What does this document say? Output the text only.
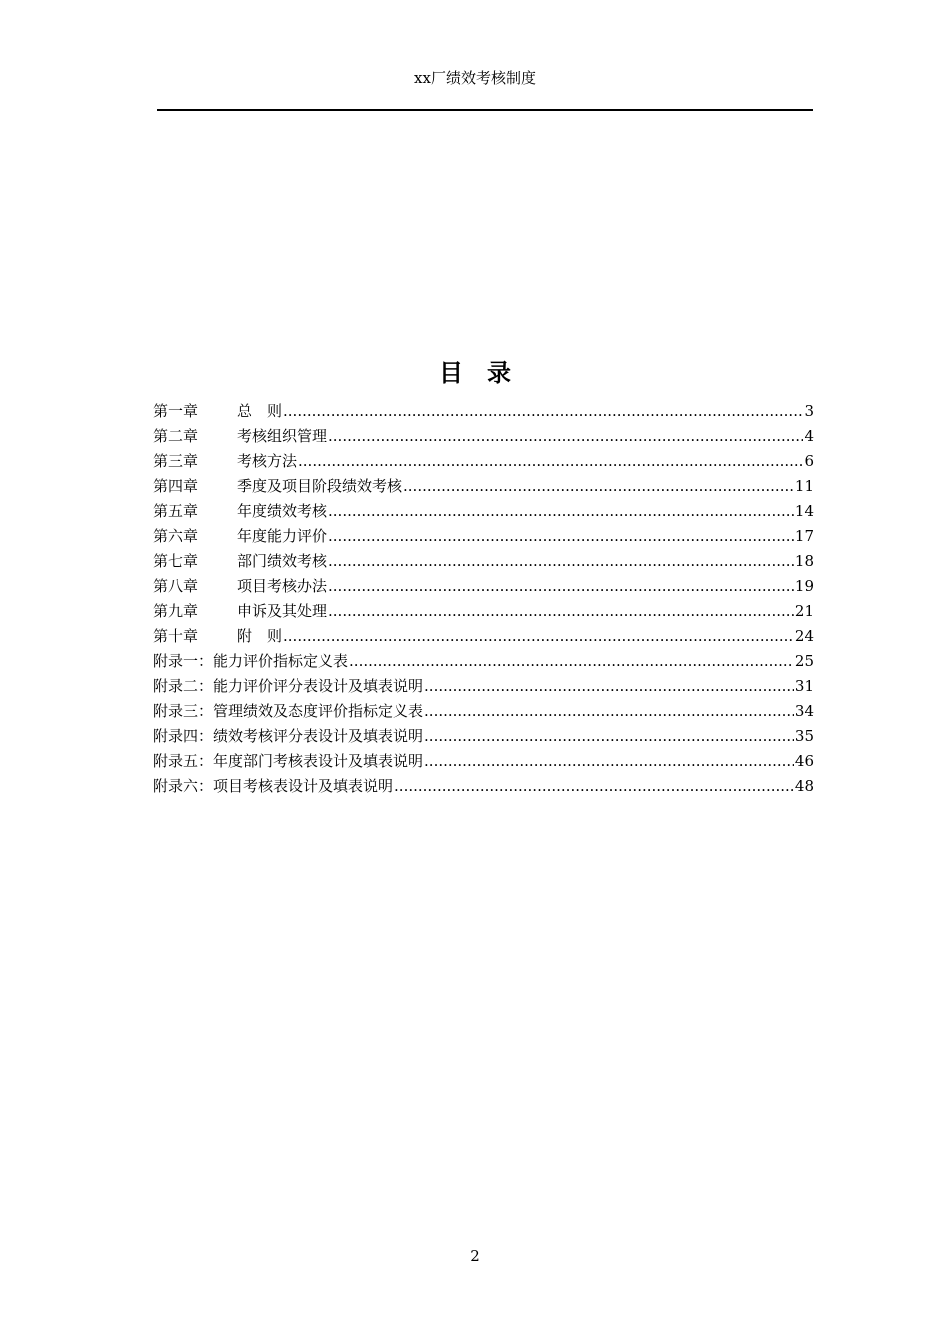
xx厂绩效考核制度
目录
第一章	总　则 .....	3
第二章	考核组织管理 .....	4
第三章	考核方法 .....	6
第四章	季度及项目阶段绩效考核 .....	11
第五章	年度绩效考核 .....	14
第六章	年度能力评价 .....	17
第七章	部门绩效考核 .....	18
第八章	项目考核办法 .....	19
第九章	申诉及其处理 .....	21
第十章	附　则 .....	24
附录一： 能力评价指标定义表 .....	25
附录二： 能力评价评分表设计及填表说明 .....	31
附录三： 管理绩效及态度评价指标定义表 .....	34
附录四： 绩效考核评分表设计及填表说明 .....	35
附录五： 年度部门考核表设计及填表说明 .....	46
附录六： 项目考核表设计及填表说明 .....	48
2
